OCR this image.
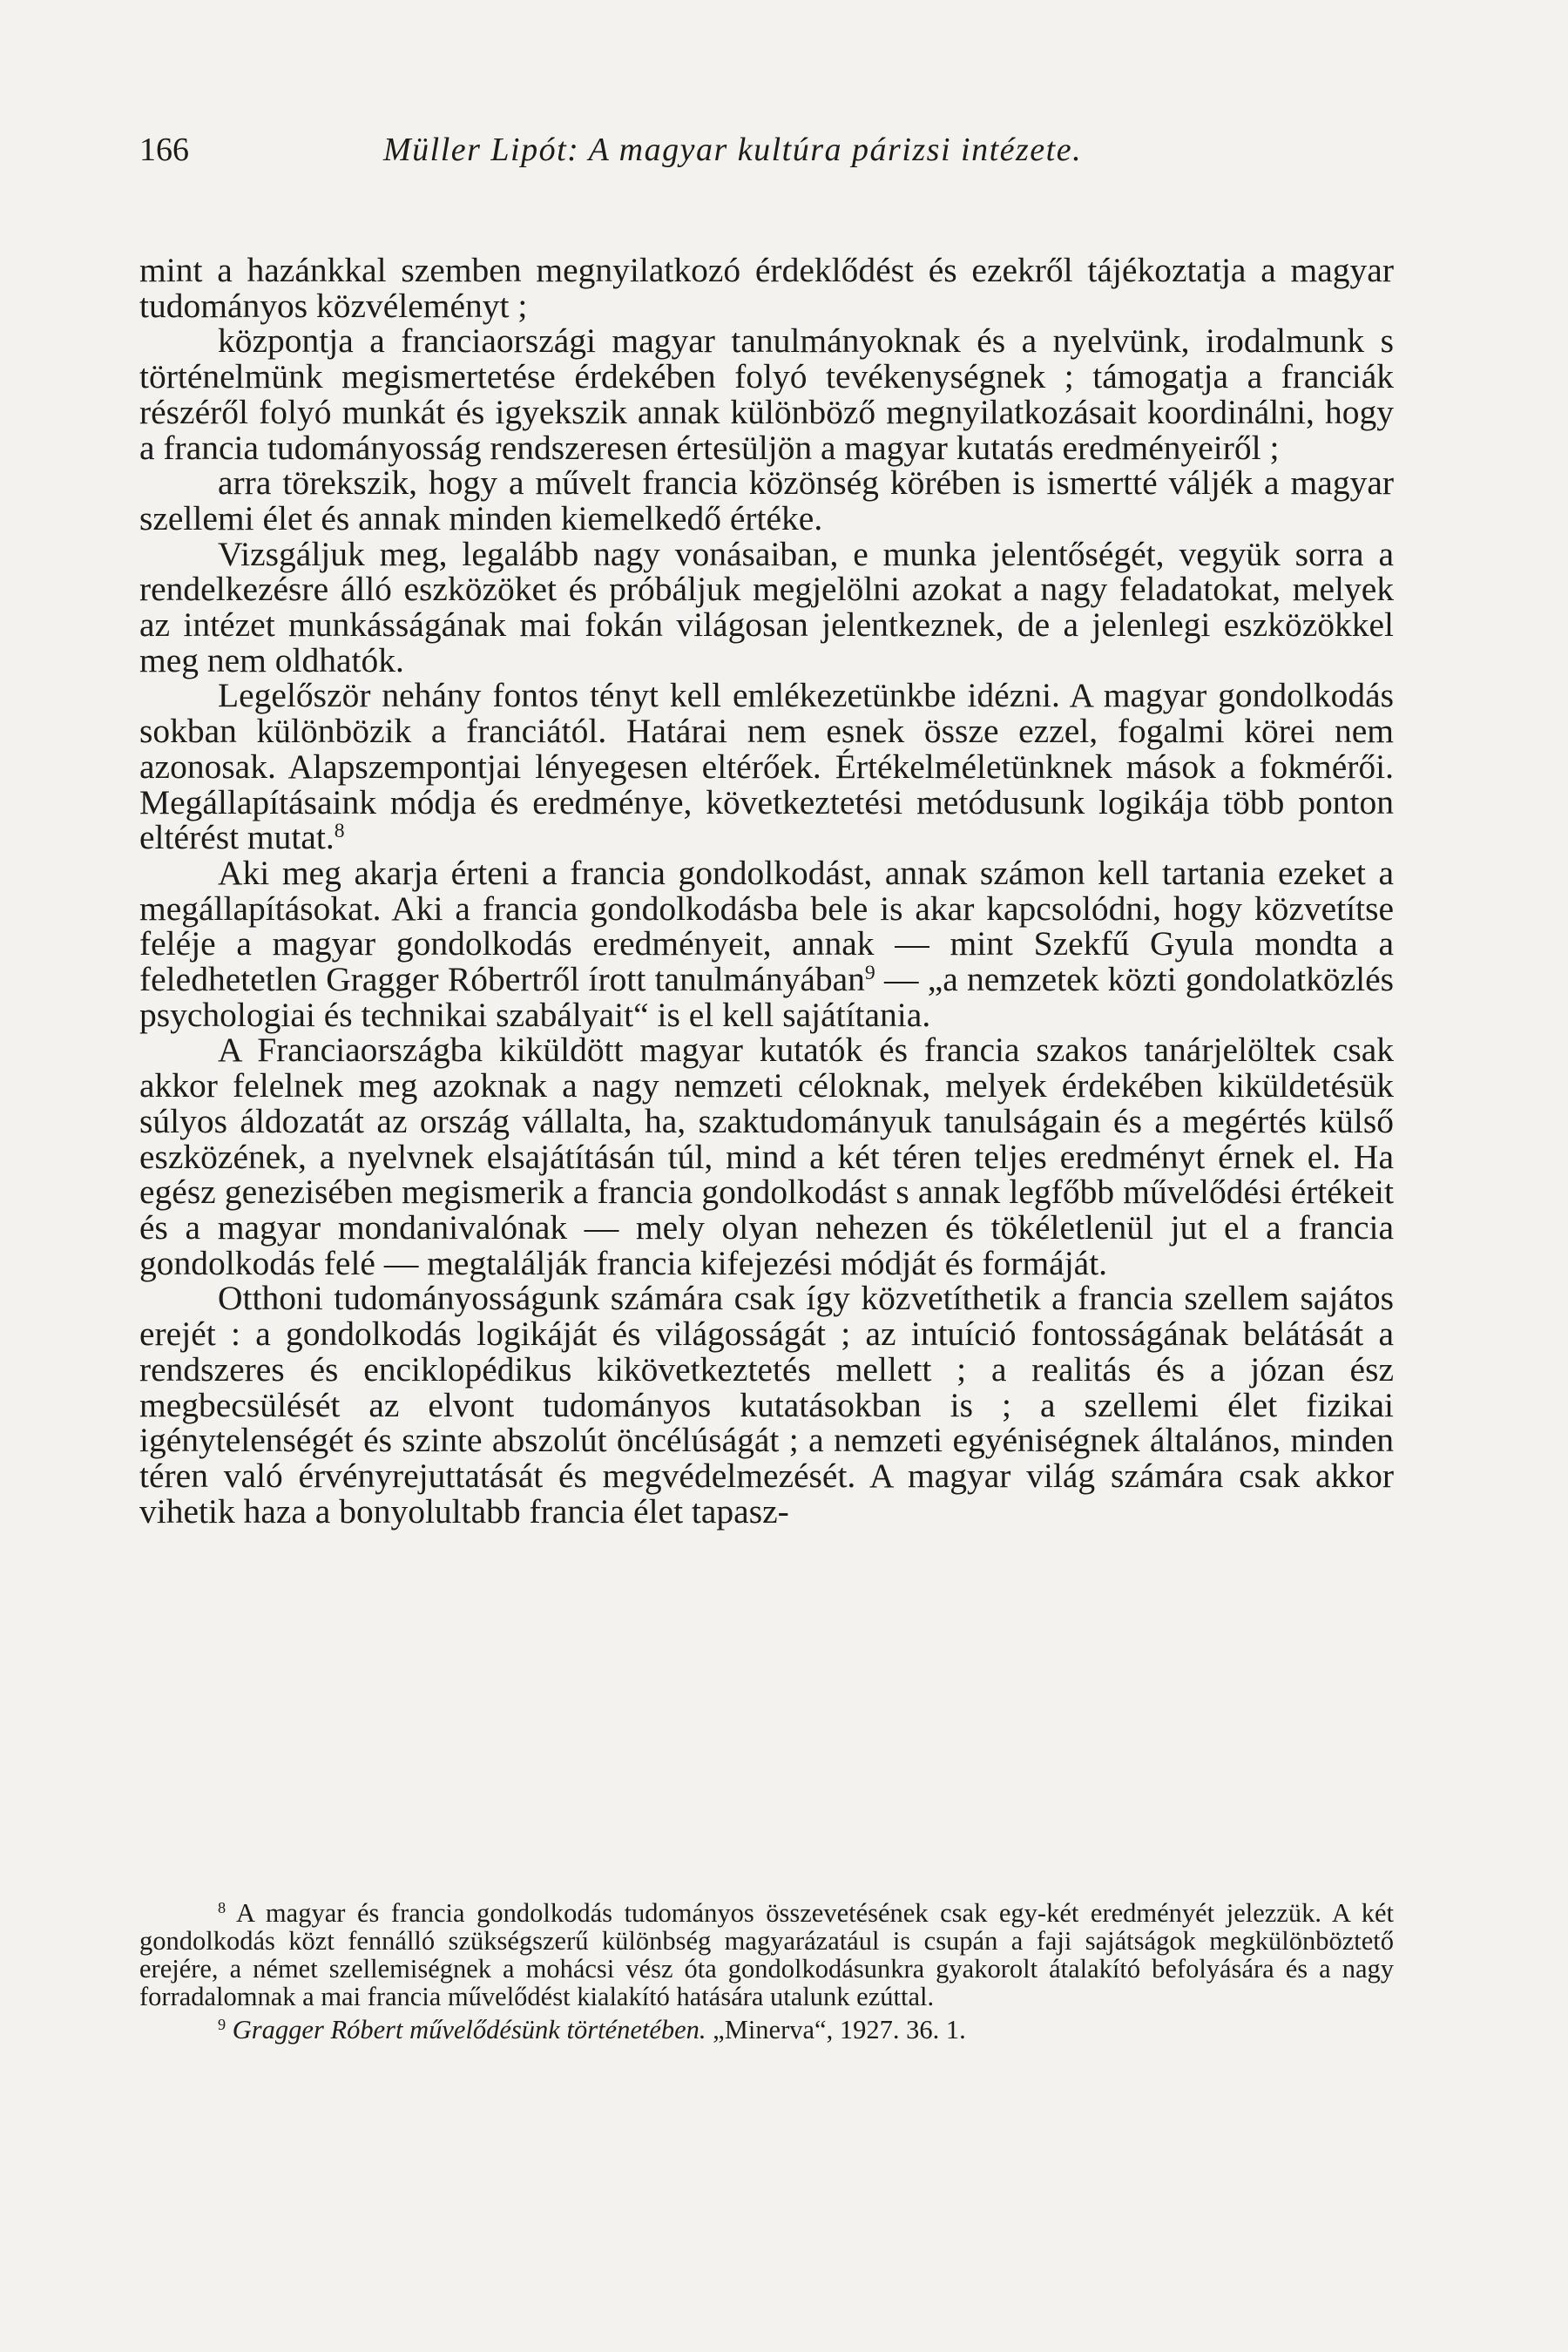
166	Müller Lipót: A magyar kultúra párizsi intézete.

mint a hazánkkal szemben megnyilatkozó érdeklődést és ezekről tájékoztatja a magyar tudományos közvéleményt ;

központja a franciaországi magyar tanulmányoknak és a nyelvünk, irodalmunk s történelmünk megismertetése érdekében folyó tevékenységnek ; támogatja a franciák részéről folyó munkát és igyekszik annak különböző megnyilatkozásait koordinálni, hogy a francia tudományosság rendszeresen értesüljön a magyar kutatás eredményeiről ;

arra törekszik, hogy a művelt francia közönség körében is ismertté váljék a magyar szellemi élet és annak minden kiemelkedő értéke.

Vizsgáljuk meg, legalább nagy vonásaiban, e munka jelentőségét, vegyük sorra a rendelkezésre álló eszközöket és próbáljuk megjelölni azokat a nagy feladatokat, melyek az intézet munkásságának mai fokán világosan jelentkeznek, de a jelenlegi eszközökkel meg nem oldhatók.

Legelőször nehány fontos tényt kell emlékezetünkbe idézni. A magyar gondolkodás sokban különbözik a franciától. Határai nem esnek össze ezzel, fogalmi körei nem azonosak. Alapszempontjai lényegesen eltérőek. Értékelméletünknek mások a fokmérői. Megállapításaink módja és eredménye, következtetési metódusunk logikája több ponton eltérést mutat.$^8$

Aki meg akarja érteni a francia gondolkodást, annak számon kell tartania ezeket a megállapításokat. Aki a francia gondolkodásba bele is akar kapcsolódni, hogy közvetítse feléje a magyar gondolkodás eredményeit, annak — mint Szekfű Gyula mondta a feledhetetlen Gragger Róbertről írott tanulmányában$^9$ — „a nemzetek közti gondolatközlés psychologiai és technikai szabályait“ is el kell sajátítania.

A Franciaországba kiküldött magyar kutatók és francia szakos tanárjelöltek csak akkor felelnek meg azoknak a nagy nemzeti céloknak, melyek érdekében kiküldetésük súlyos áldozatát az ország vállalta, ha, szaktudományuk tanulságain és a megértés külső eszközének, a nyelvnek elsajátításán túl, mind a két téren teljes eredményt érnek el. Ha egész genezisében megismerik a francia gondolkodást s annak legfőbb művelődési értékeit és a magyar mondanivalónak — mely olyan nehezen és tökéletlenül jut el a francia gondolkodás felé — megtalálják francia kifejezési módját és formáját.

Otthoni tudományosságunk számára csak így közvetíthetik a francia szellem sajátos erejét : a gondolkodás logikáját és világosságát ; az intuíció fontosságának belátását a rendszeres és enciklopédikus kikövetkeztetés mellett ; a realitás és a józan ész megbecsülését az elvont tudományos kutatásokban is ; a szellemi élet fizikai igénytelenségét és szinte abszolút öncélúságát ; a nemzeti egyéniségnek általános, minden téren való érvényrejuttatását és megvédelmezését. A magyar világ számára csak akkor vihetik haza a bonyolultabb francia élet tapasz-

$^8$ A magyar és francia gondolkodás tudományos összevetésének csak egy-két eredményét jelezzük. A két gondolkodás közt fennálló szükségszerű különbség magyarázatául is csupán a faji sajátságok megkülönböztető erejére, a német szellemiségnek a mohácsi vész óta gondolkodásunkra gyakorolt átalakító befolyására és a nagy forradalomnak a mai francia művelődést kialakító hatására utalunk ezúttal.

$^9$ Gragger Róbert művelődésünk történetében. „Minerva“, 1927. 36. 1.
